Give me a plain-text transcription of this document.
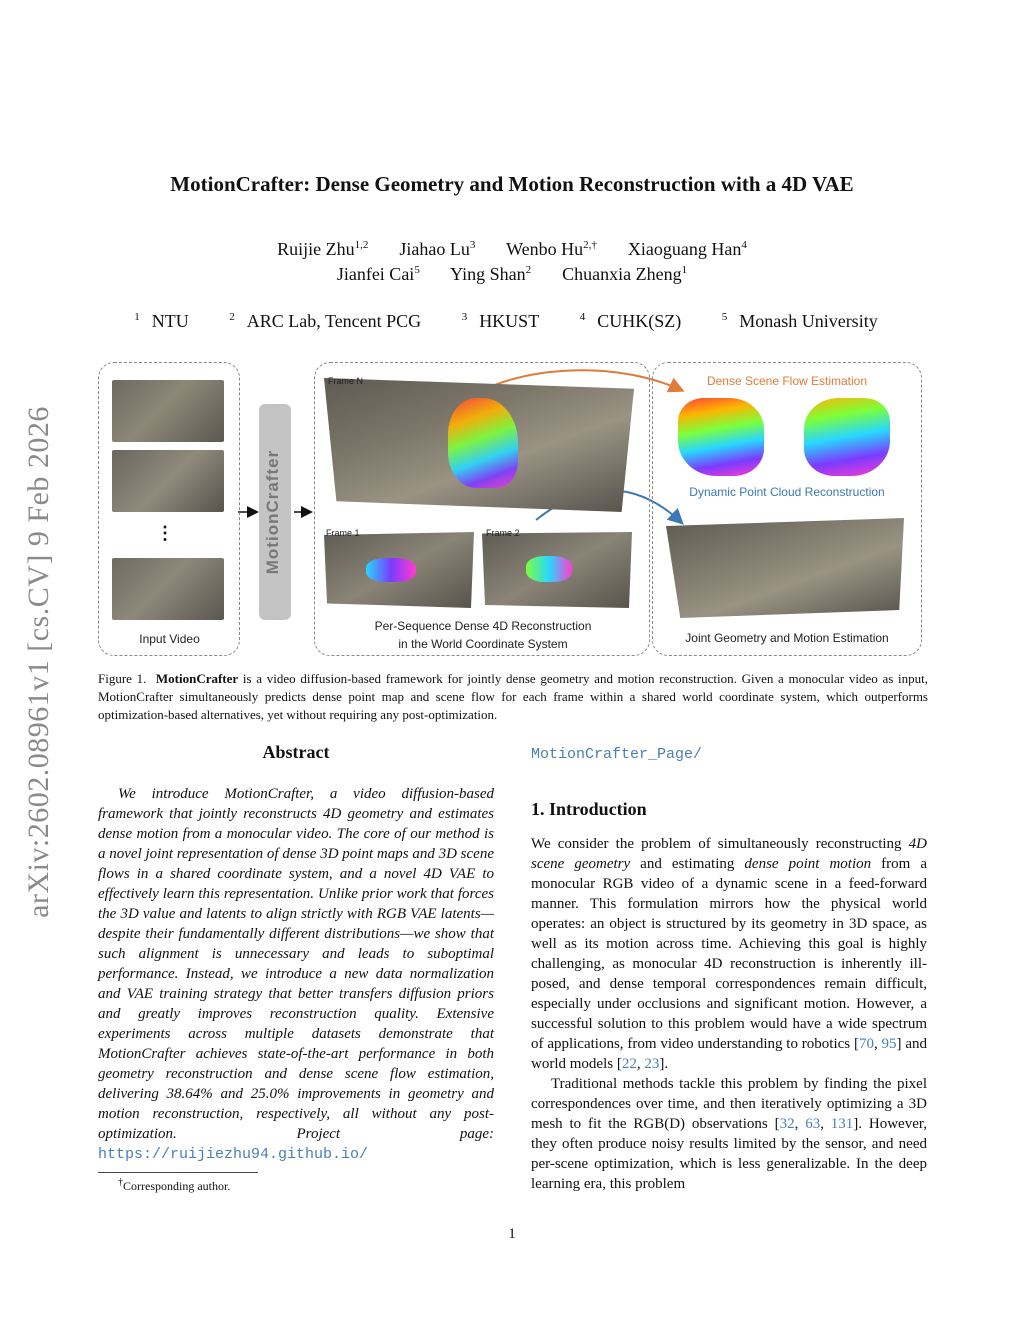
arXiv:2602.08961v1 [cs.CV] 9 Feb 2026
MotionCrafter: Dense Geometry and Motion Reconstruction with a 4D VAE
Ruijie Zhu$^{1,2}$ Jiahao Lu$^3$ Wenbo $Hu^{2,\dagger}$ Xiaoguang Han$^4$
Jianfei Cai$^5$ Ying Shan$^2$ Chuanxia Zheng$^1$
$^1$ NTU	$^2$ ARC Lab, Tencent PCG	$^3$ HKUST	$^4$ CUHK(SZ)	$^5$ Monash University
⋮
Input Video
MotionCrafter
Frame N
Frame 1	Frame 2
Per-Sequence Dense 4D Reconstruction
in the World Coordinate System
Dense Scene Flow Estimation
Dynamic Point Cloud Reconstruction
Joint Geometry and Motion Estimation
Figure 1. MotionCrafter is a video diffusion-based framework for jointly dense geometry and motion reconstruction. Given a monocular video as input, MotionCrafter simultaneously predicts dense point map and scene flow for each frame within a shared world coordinate system, which outperforms optimization-based alternatives, yet without requiring any post-optimization.
Abstract
We introduce MotionCrafter, a video diffusion-based framework that jointly reconstructs 4D geometry and estimates dense motion from a monocular video. The core of our method is a novel joint representation of dense 3D point maps and 3D scene flows in a shared coordinate system, and a novel 4D VAE to effectively learn this representation. Unlike prior work that forces the 3D value and latents to align strictly with RGB VAE latents—despite their fundamentally different distributions—we show that such alignment is unnecessary and leads to suboptimal performance. Instead, we introduce a new data normalization and VAE training strategy that better transfers diffusion priors and greatly improves reconstruction quality. Extensive experiments across multiple datasets demonstrate that MotionCrafter achieves state-of-the-art performance in both geometry reconstruction and dense scene flow estimation, delivering 38.64% and 25.0% improvements in geometry and motion reconstruction, respectively, all without any post-optimization. Project page: https://ruijiezhu94.github.io/
MotionCrafter_Page/
†Corresponding author.
1. Introduction

We consider the problem of simultaneously reconstructing 4D scene geometry and estimating dense point motion from a monocular RGB video of a dynamic scene in a feed-forward manner. This formulation mirrors how the physical world operates: an object is structured by its geometry in 3D space, as well as its motion across time. Achieving this goal is highly challenging, as monocular 4D reconstruction is inherently ill-posed, and dense temporal correspondences remain difficult, especially under occlusions and significant motion. However, a successful solution to this problem would have a wide spectrum of applications, from video understanding to robotics [70, 95] and world models [22, 23].

Traditional methods tackle this problem by finding the pixel correspondences over time, and then iteratively optimizing a 3D mesh to fit the RGB(D) observations [32, 63, 131]. However, they often produce noisy results limited by the sensor, and need per-scene optimization, which is less generalizable. In the deep learning era, this problem

1
